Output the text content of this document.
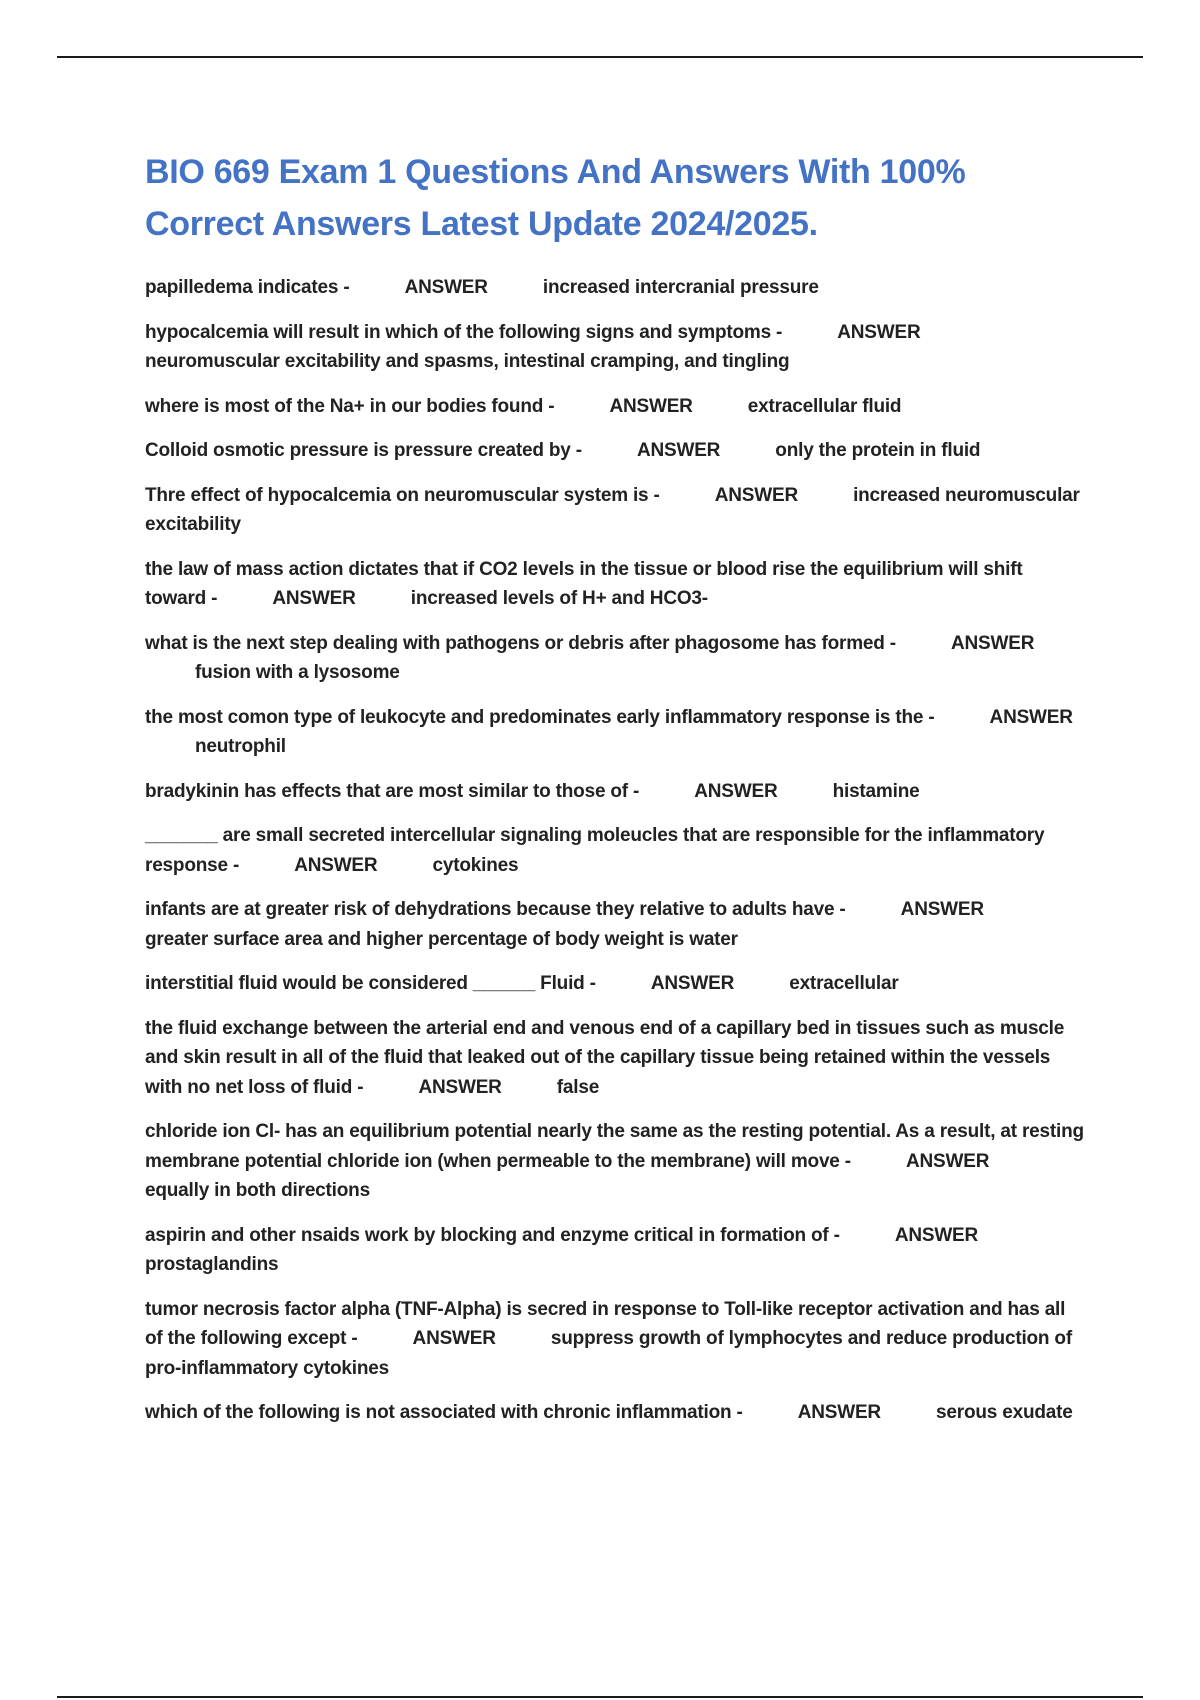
BIO 669 Exam 1 Questions And Answers With 100% Correct Answers Latest Update 2024/2025.

papilledema indicates -	ANSWER	increased intercranial pressure

hypocalcemia will result in which of the following signs and symptoms -	ANSWER neuromuscular excitability and spasms, intestinal cramping, and tingling

where is most of the Na+ in our bodies found -	ANSWER	extracellular fluid

Colloid osmotic pressure is pressure created by -	ANSWER	only the protein in fluid

Thre effect of hypocalcemia on neuromuscular system is -	ANSWER	increased neuromuscular excitability

the law of mass action dictates that if CO2 levels in the tissue or blood rise the equilibrium will shift toward -	ANSWER	increased levels of H+ and HCO3-

what is the next step dealing with pathogens or debris after phagosome has formed -	ANSWER fusion with a lysosome

the most comon type of leukocyte and predominates early inflammatory response is the -	ANSWER neutrophil

bradykinin has effects that are most similar to those of -	ANSWER	histamine

_______ are small secreted intercellular signaling moleucles that are responsible for the inflammatory response -	ANSWER	cytokines

infants are at greater risk of dehydrations because they relative to adults have -	ANSWER greater surface area and higher percentage of body weight is water

interstitial fluid would be considered ______ Fluid -	ANSWER	extracellular

the fluid exchange between the arterial end and venous end of a capillary bed in tissues such as muscle and skin result in all of the fluid that leaked out of the capillary tissue being retained within the vessels with no net loss of fluid -	ANSWER	false

chloride ion Cl- has an equilibrium potential nearly the same as the resting potential. As a result, at resting membrane potential chloride ion (when permeable to the membrane) will move -	ANSWER equally in both directions

aspirin and other nsaids work by blocking and enzyme critical in formation of -	ANSWER prostaglandins

tumor necrosis factor alpha (TNF-Alpha) is secred in response to Toll-like receptor activation and has all of the following except -	ANSWER	suppress growth of lymphocytes and reduce production of pro-inflammatory cytokines

which of the following is not associated with chronic inflammation -	ANSWER	serous exudate
